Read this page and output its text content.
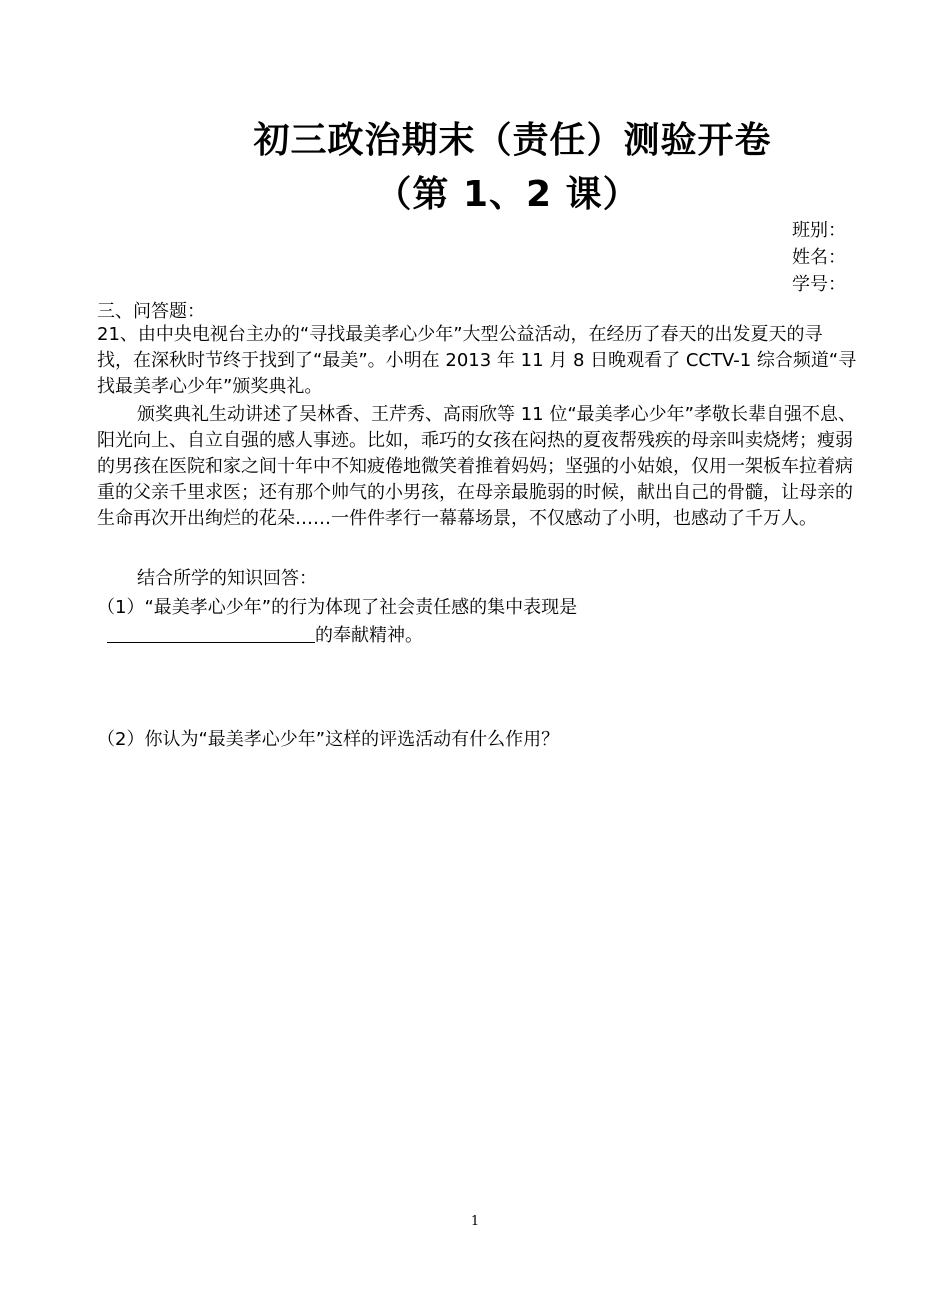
初三政治期末（责任）测验开卷
（第 1、2 课）
班别：
姓名：
学号：
三、问答题：
21、由中央电视台主办的“寻找最美孝心少年”大型公益活动，在经历了春天的出发夏天的寻找，在深秋时节终于找到了“最美”。小明在 2013 年 11 月 8 日晚观看了 CCTV-1 综合频道“寻找最美孝心少年”颁奖典礼。
颁奖典礼生动讲述了吴林香、王芹秀、高雨欣等 11 位“最美孝心少年”孝敬长辈自强不息、阳光向上、自立自强的感人事迹。比如，乖巧的女孩在闷热的夏夜帮残疾的母亲叫卖烧烤；瘦弱的男孩在医院和家之间十年中不知疲倦地微笑着推着妈妈；坚强的小姑娘，仅用一架板车拉着病重的父亲千里求医；还有那个帅气的小男孩，在母亲最脆弱的时候，献出自己的骨髓，让母亲的生命再次开出绚烂的花朵……一件件孝行一幕幕场景，不仅感动了小明，也感动了千万人。
结合所学的知识回答：
（1）“最美孝心少年”的行为体现了社会责任感的集中表现是
的奉献精神。
（2）你认为“最美孝心少年”这样的评选活动有什么作用？
1
